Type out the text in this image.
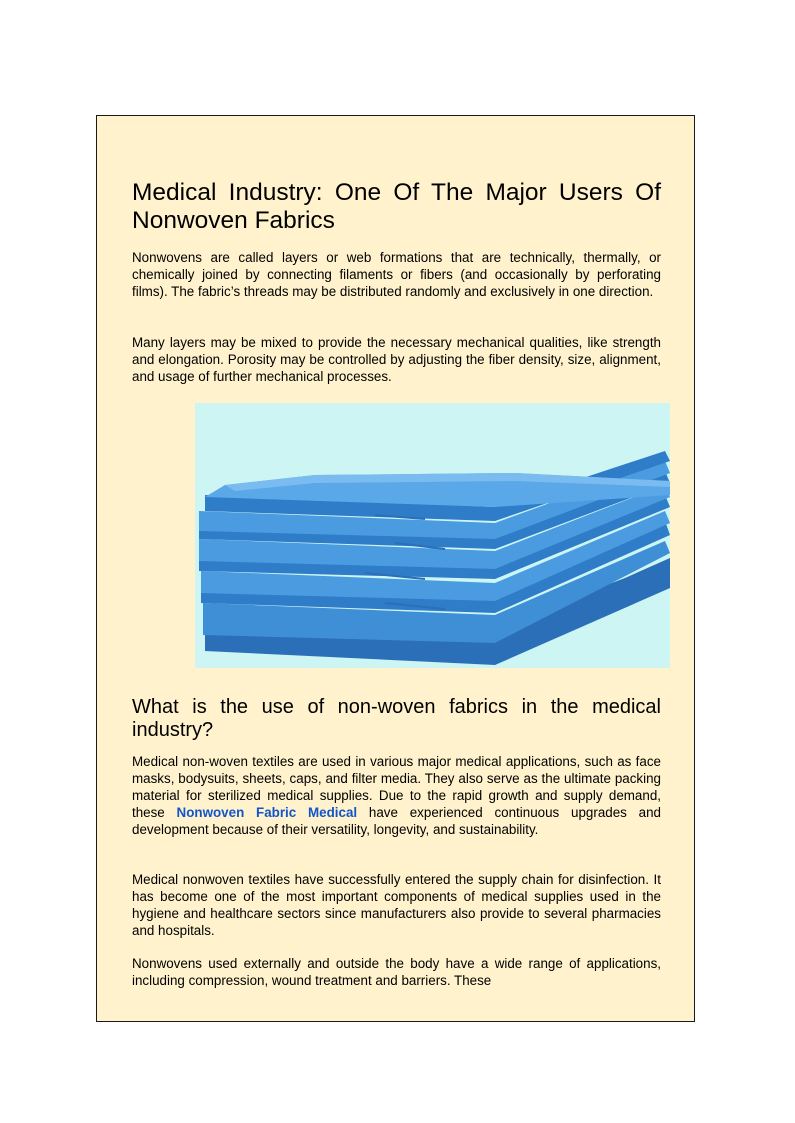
Medical Industry: One Of The Major Users Of Nonwoven Fabrics

Nonwovens are called layers or web formations that are technically, thermally, or chemically joined by connecting filaments or fibers (and occasionally by perforating films). The fabric’s threads may be distributed randomly and exclusively in one direction.

Many layers may be mixed to provide the necessary mechanical qualities, like strength and elongation. Porosity may be controlled by adjusting the fiber density, size, alignment, and usage of further mechanical processes.

What is the use of non-woven fabrics in the medical industry?

Medical non-woven textiles are used in various major medical applications, such as face masks, bodysuits, sheets, caps, and filter media. They also serve as the ultimate packing material for sterilized medical supplies. Due to the rapid growth and supply demand, these Nonwoven Fabric Medical have experienced continuous upgrades and development because of their versatility, longevity, and sustainability.

Medical nonwoven textiles have successfully entered the supply chain for disinfection. It has become one of the most important components of medical supplies used in the hygiene and healthcare sectors since manufacturers also provide to several pharmacies and hospitals.

Nonwovens used externally and outside the body have a wide range of applications, including compression, wound treatment and barriers. These
